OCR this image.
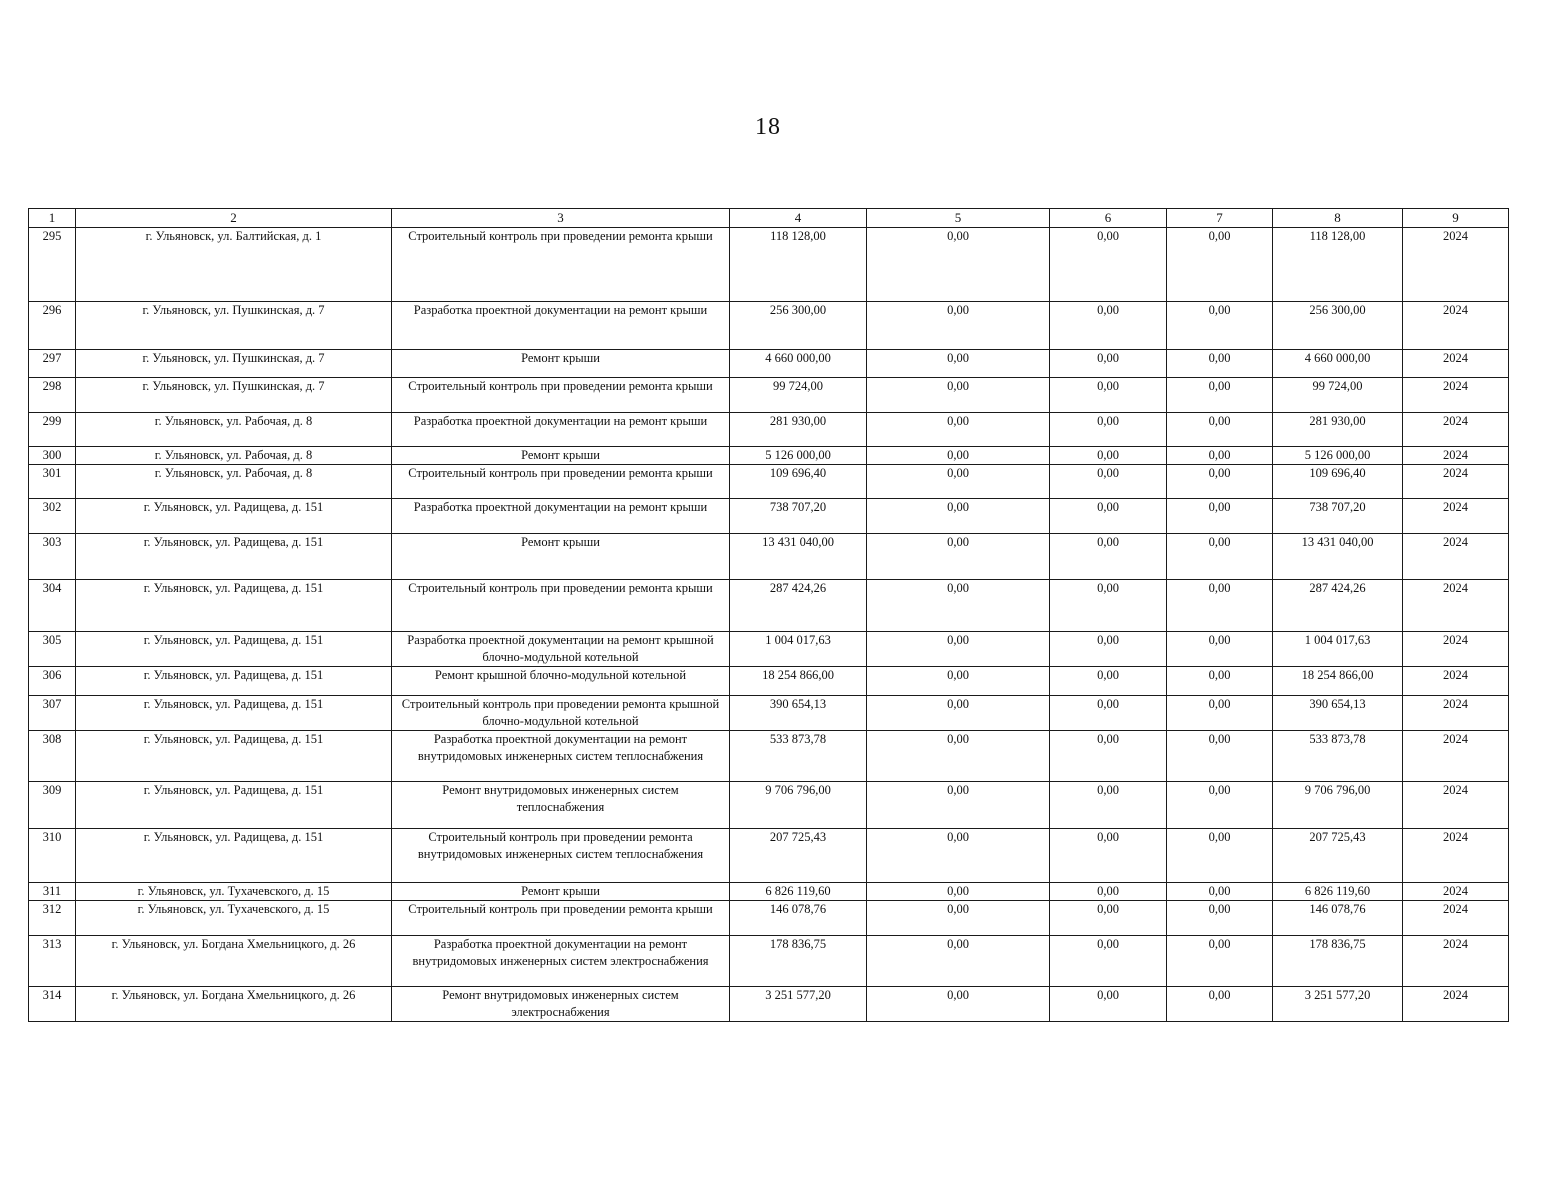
18
1	2	3	4	5	6	7	8	9
295	г. Ульяновск, ул. Балтийская, д. 1	Строительный контроль при проведении ремонта крыши	118 128,00	0,00	0,00	0,00	118 128,00	2024
296	г. Ульяновск, ул. Пушкинская, д. 7	Разработка проектной документации на ремонт крыши	256 300,00	0,00	0,00	0,00	256 300,00	2024
297	г. Ульяновск, ул. Пушкинская, д. 7	Ремонт крыши	4 660 000,00	0,00	0,00	0,00	4 660 000,00	2024
298	г. Ульяновск, ул. Пушкинская, д. 7	Строительный контроль при проведении ремонта крыши	99 724,00	0,00	0,00	0,00	99 724,00	2024
299	г. Ульяновск, ул. Рабочая, д. 8	Разработка проектной документации на ремонт крыши	281 930,00	0,00	0,00	0,00	281 930,00	2024
300	г. Ульяновск, ул. Рабочая, д. 8	Ремонт крыши	5 126 000,00	0,00	0,00	0,00	5 126 000,00	2024
301	г. Ульяновск, ул. Рабочая, д. 8	Строительный контроль при проведении ремонта крыши	109 696,40	0,00	0,00	0,00	109 696,40	2024
302	г. Ульяновск, ул. Радищева, д. 151	Разработка проектной документации на ремонт крыши	738 707,20	0,00	0,00	0,00	738 707,20	2024
303	г. Ульяновск, ул. Радищева, д. 151	Ремонт крыши	13 431 040,00	0,00	0,00	0,00	13 431 040,00	2024
304	г. Ульяновск, ул. Радищева, д. 151	Строительный контроль при проведении ремонта крыши	287 424,26	0,00	0,00	0,00	287 424,26	2024
305	г. Ульяновск, ул. Радищева, д. 151	Разработка проектной документации на ремонт крышной блочно-модульной котельной	1 004 017,63	0,00	0,00	0,00	1 004 017,63	2024
306	г. Ульяновск, ул. Радищева, д. 151	Ремонт крышной блочно-модульной котельной	18 254 866,00	0,00	0,00	0,00	18 254 866,00	2024
307	г. Ульяновск, ул. Радищева, д. 151	Строительный контроль при проведении ремонта крышной блочно-модульной котельной	390 654,13	0,00	0,00	0,00	390 654,13	2024
308	г. Ульяновск, ул. Радищева, д. 151	Разработка проектной документации на ремонт внутридомовых инженерных систем теплоснабжения	533 873,78	0,00	0,00	0,00	533 873,78	2024
309	г. Ульяновск, ул. Радищева, д. 151	Ремонт внутридомовых инженерных систем теплоснабжения	9 706 796,00	0,00	0,00	0,00	9 706 796,00	2024
310	г. Ульяновск, ул. Радищева, д. 151	Строительный контроль при проведении ремонта внутридомовых инженерных систем теплоснабжения	207 725,43	0,00	0,00	0,00	207 725,43	2024
311	г. Ульяновск, ул. Тухачевского, д. 15	Ремонт крыши	6 826 119,60	0,00	0,00	0,00	6 826 119,60	2024
312	г. Ульяновск, ул. Тухачевского, д. 15	Строительный контроль при проведении ремонта крыши	146 078,76	0,00	0,00	0,00	146 078,76	2024
313	г. Ульяновск, ул. Богдана Хмельницкого, д. 26	Разработка проектной документации на ремонт внутридомовых инженерных систем электроснабжения	178 836,75	0,00	0,00	0,00	178 836,75	2024
314	г. Ульяновск, ул. Богдана Хмельницкого, д. 26	Ремонт внутридомовых инженерных систем электроснабжения	3 251 577,20	0,00	0,00	0,00	3 251 577,20	2024
